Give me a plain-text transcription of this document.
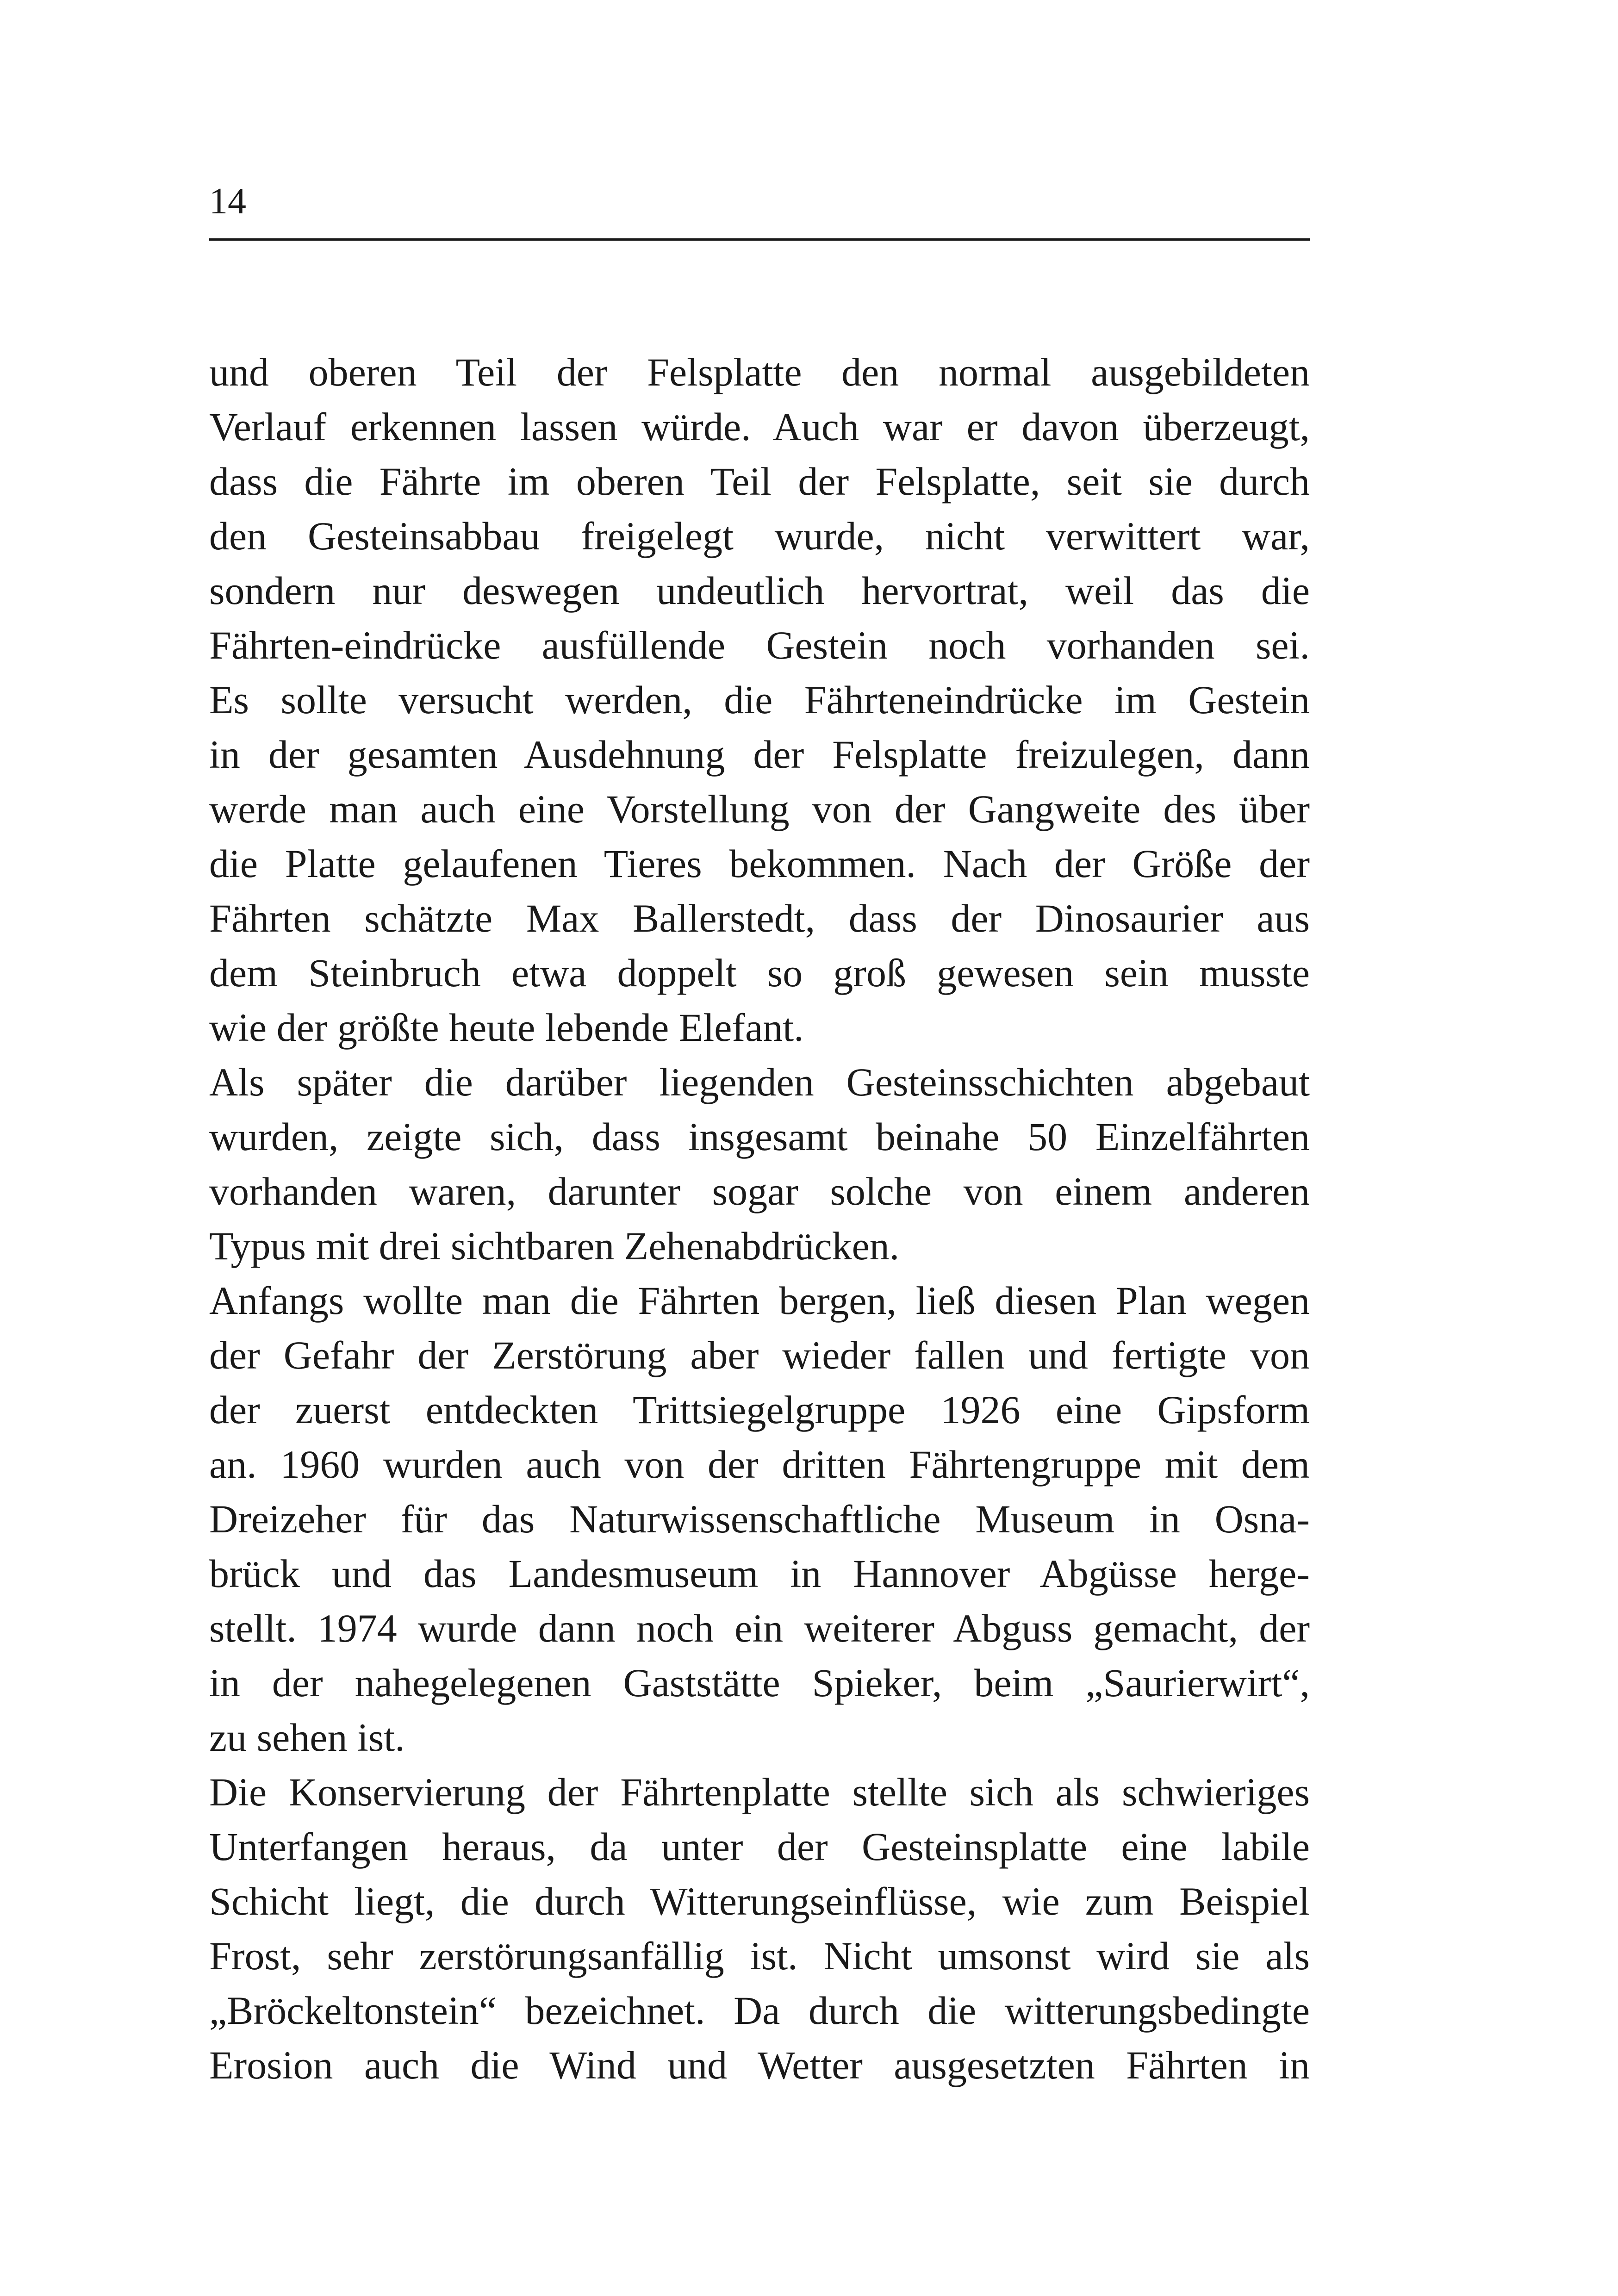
14
und oberen Teil der Felsplatte den normal ausgebildeten
Verlauf erkennen lassen würde. Auch war er davon überzeugt,
dass die Fährte im oberen Teil der Felsplatte, seit sie durch
den Gesteinsabbau freigelegt wurde, nicht verwittert war,
sondern nur deswegen undeutlich hervortrat, weil das die
Fährten-eindrücke ausfüllende Gestein noch vorhanden sei.
Es sollte versucht werden, die Fährteneindrücke im Gestein
in der gesamten Ausdehnung der Felsplatte freizulegen, dann
werde man auch eine Vorstellung von der Gangweite des über
die Platte gelaufenen Tieres bekommen. Nach der Größe der
Fährten schätzte Max Ballerstedt, dass der Dinosaurier aus
dem Steinbruch etwa doppelt so groß gewesen sein musste
wie der größte heute lebende Elefant.
Als später die darüber liegenden Gesteinsschichten abgebaut
wurden, zeigte sich, dass insgesamt beinahe 50 Einzelfährten
vorhanden waren, darunter sogar solche von einem anderen
Typus mit drei sichtbaren Zehenabdrücken.
Anfangs wollte man die Fährten bergen, ließ diesen Plan wegen
der Gefahr der Zerstörung aber wieder fallen und fertigte von
der zuerst entdeckten Trittsiegelgruppe 1926 eine Gipsform
an. 1960 wurden auch von der dritten Fährtengruppe mit dem
Dreizeher für das Naturwissenschaftliche Museum in Osna-
brück und das Landesmuseum in Hannover Abgüsse herge-
stellt. 1974 wurde dann noch ein weiterer Abguss gemacht, der
in der nahegelegenen Gaststätte Spieker, beim „Saurierwirt“,
zu sehen ist.
Die Konservierung der Fährtenplatte stellte sich als schwieriges
Unterfangen heraus, da unter der Gesteinsplatte eine labile
Schicht liegt, die durch Witterungseinflüsse, wie zum Beispiel
Frost, sehr zerstörungsanfällig ist. Nicht umsonst wird sie als
„Bröckeltonstein“ bezeichnet. Da durch die witterungsbedingte
Erosion auch die Wind und Wetter ausgesetzten Fährten in
